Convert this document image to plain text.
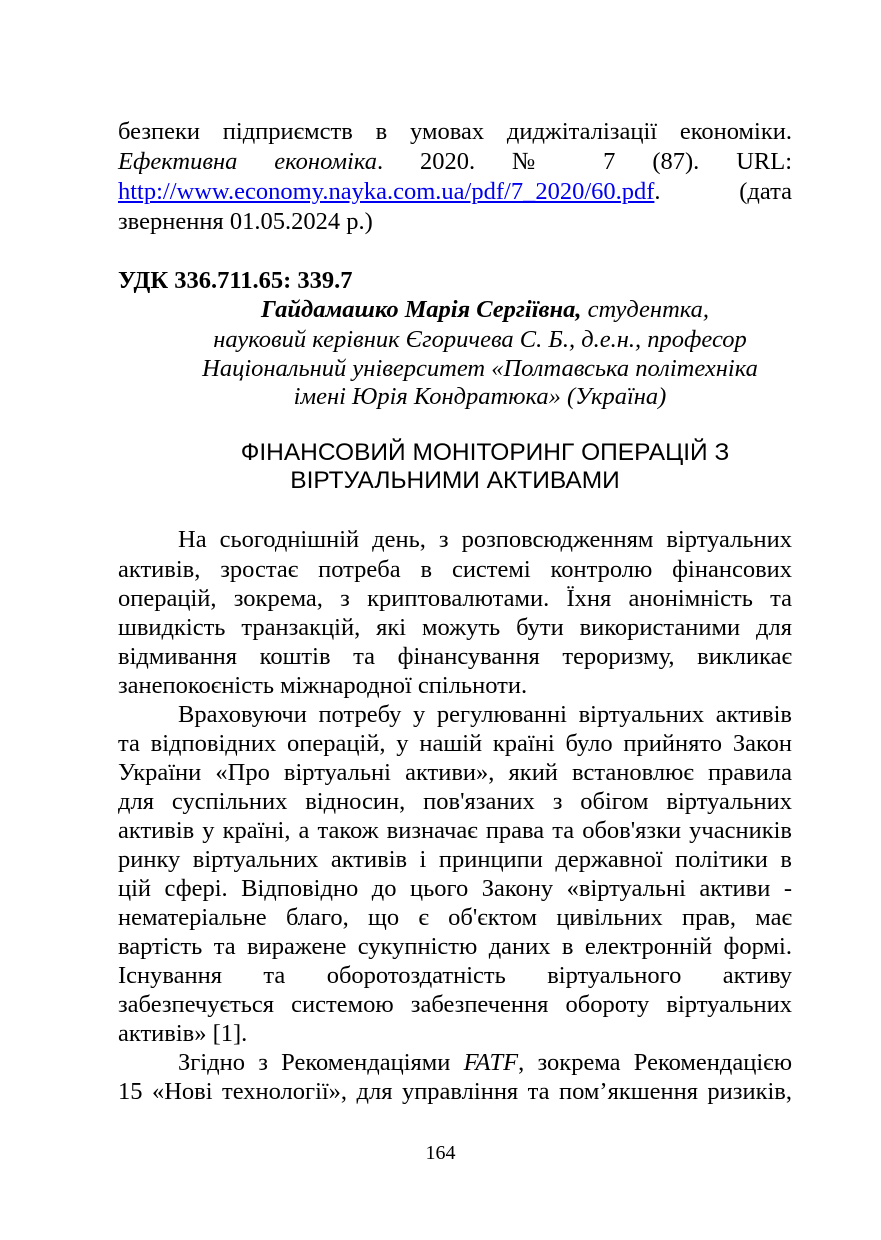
безпеки підприємств в умовах диджіталізації економіки.
Ефективна економіка. 2020. № 7 (87). URL:
http://www.economy.nayka.com.ua/pdf/7_2020/60.pdf. (дата
звернення 01.05.2024 р.)
УДК 336.711.65: 339.7
Гайдамашко Марія Сергіївна, студентка,
науковий керівник Єгоричева С. Б., д.е.н., професор
Національний університет «Полтавська політехніка
імені Юрія Кондратюка» (Україна)
ФІНАНСОВИЙ МОНІТОРИНГ ОПЕРАЦІЙ З
ВІРТУАЛЬНИМИ АКТИВАМИ
На сьогоднішній день, з розповсюдженням віртуальних
активів, зростає потреба в системі контролю фінансових
операцій, зокрема, з криптовалютами. Їхня анонімність та
швидкість транзакцій, які можуть бути використаними для
відмивання коштів та фінансування тероризму, викликає
занепокоєність міжнародної спільноти.
Враховуючи потребу у регулюванні віртуальних активів
та відповідних операцій, у нашій країні було прийнято Закон
України «Про віртуальні активи», який встановлює правила
для суспільних відносин, пов'язаних з обігом віртуальних
активів у країні, а також визначає права та обов'язки учасників
ринку віртуальних активів і принципи державної політики в
цій сфері. Відповідно до цього Закону «віртуальні активи -
нематеріальне благо, що є об'єктом цивільних прав, має
вартість та виражене сукупністю даних в електронній формі.
Існування та оборотоздатність віртуального активу
забезпечується системою забезпечення обороту віртуальних
активів» [1].
Згідно з Рекомендаціями FATF, зокрема Рекомендацією
15 «Нові технології», для управління та пом’якшення ризиків,
164
